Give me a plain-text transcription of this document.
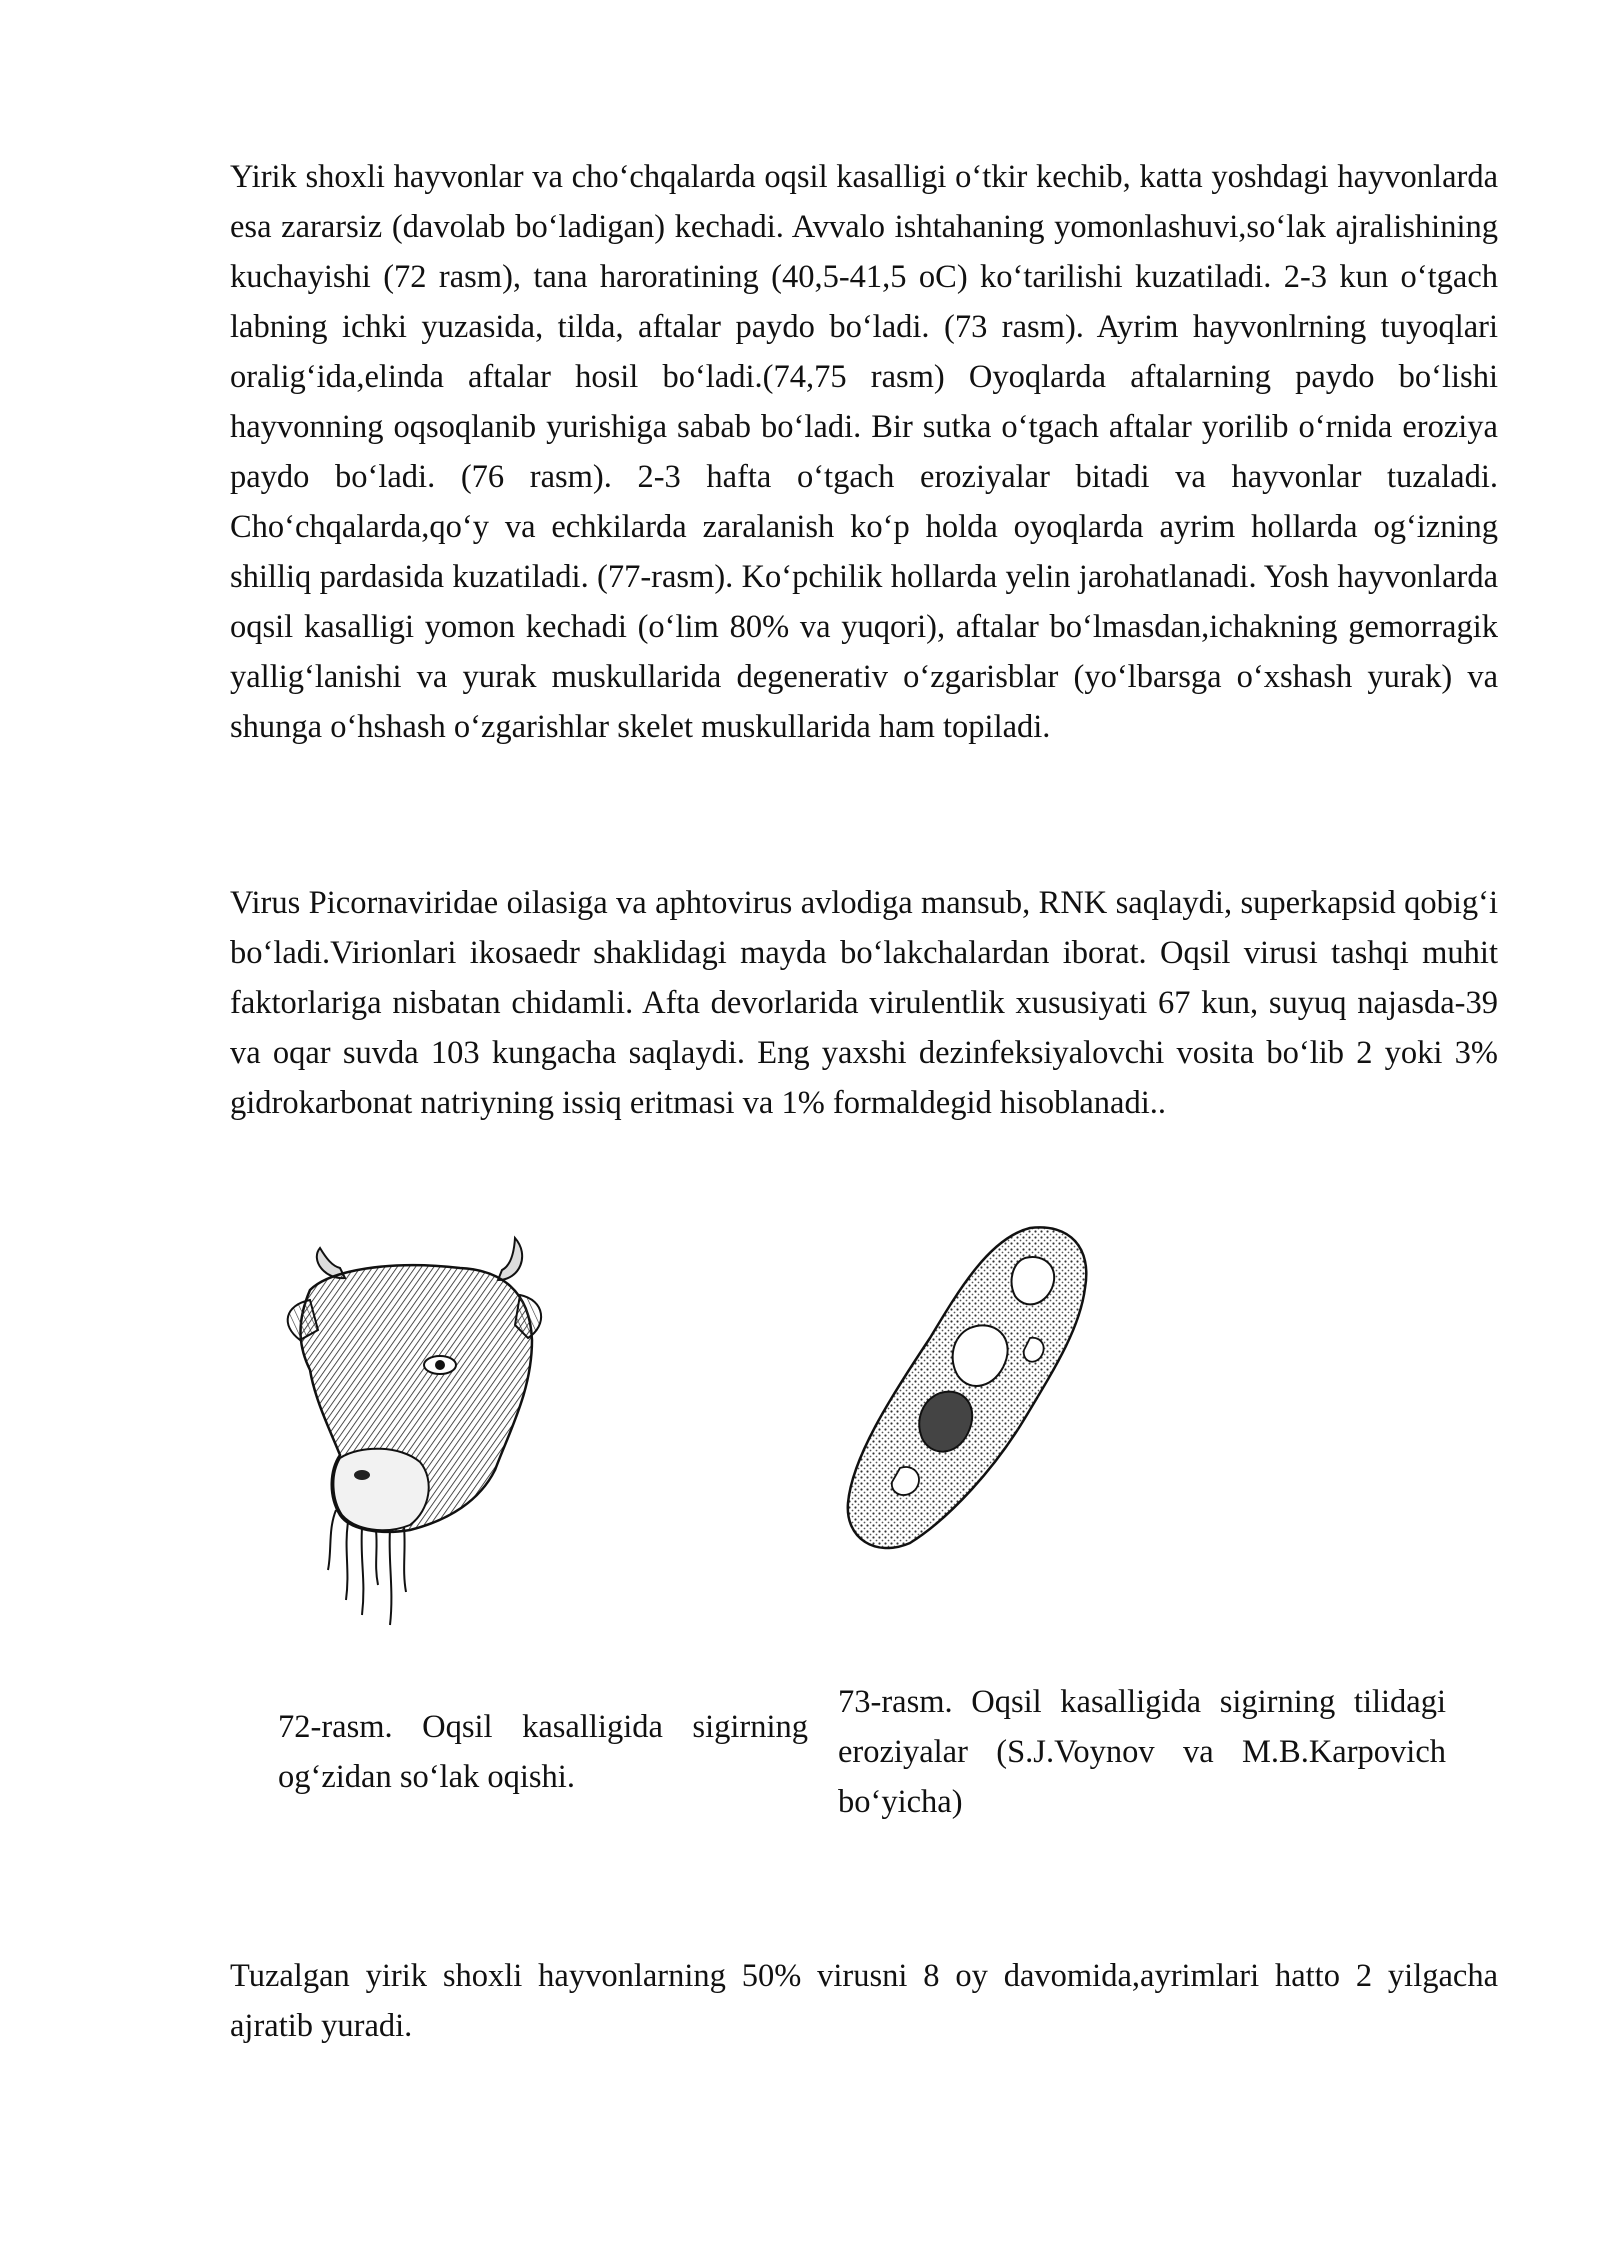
Yirik shoxli hayvonlar va cho‘chqalarda oqsil kasalligi o‘tkir kechib, katta yoshdagi hayvonlarda esa zararsiz (davolab bo‘ladigan) kechadi. Avvalo ishtahaning yomonlashuvi,so‘lak ajralishining kuchayishi (72 rasm), tana haroratining (40,5-41,5 oC) ko‘tarilishi kuzatiladi. 2-3 kun o‘tgach labning ichki yuzasida, tilda, aftalar paydo bo‘ladi. (73 rasm). Ayrim hayvonlrning tuyoqlari oralig‘ida,elinda aftalar hosil bo‘ladi.(74,75 rasm) Oyoqlarda aftalarning paydo bo‘lishi hayvonning oqsoqlanib yurishiga sabab bo‘ladi. Bir sutka o‘tgach aftalar yorilib o‘rnida eroziya paydo bo‘ladi. (76 rasm). 2-3 hafta o‘tgach eroziyalar bitadi va hayvonlar tuzaladi. Cho‘chqalarda,qo‘y va echkilarda zaralanish ko‘p holda oyoqlarda ayrim hollarda og‘izning shilliq pardasida kuzatiladi. (77-rasm). Ko‘pchilik hollarda yelin jarohatlanadi. Yosh hayvonlarda oqsil kasalligi yomon kechadi (o‘lim 80% va yuqori), aftalar bo‘lmasdan,ichakning gemorragik yallig‘lanishi va yurak muskullarida degenerativ o‘zgarisblar (yo‘lbarsga o‘xshash yurak) va shunga o‘hshash o‘zgarishlar skelet muskullarida ham topiladi.

Virus Picornaviridae oilasiga va aphtovirus avlodiga mansub, RNK saqlaydi, superkapsid qobig‘i bo‘ladi.Virionlari ikosaedr shaklidagi mayda bo‘lakchalardan iborat. Oqsil virusi tashqi muhit faktorlariga nisbatan chidamli. Afta devorlarida virulentlik xususiyati 67 kun, suyuq najasda-39 va oqar suvda 103 kungacha saqlaydi. Eng yaxshi dezinfeksiyalovchi vosita bo‘lib 2 yoki 3% gidrokarbonat natriyning issiq eritmasi va 1% formaldegid hisoblanadi..

72-rasm. Oqsil kasalligida sigirning og‘zidan so‘lak oqishi.

73-rasm. Oqsil kasalligida sigirning tilidagi eroziyalar (S.J.Voynov va M.B.Karpovich bo‘yicha)

Tuzalgan yirik shoxli hayvonlarning 50% virusni 8 oy davomida,ayrimlari hatto 2 yilgacha ajratib yuradi.
